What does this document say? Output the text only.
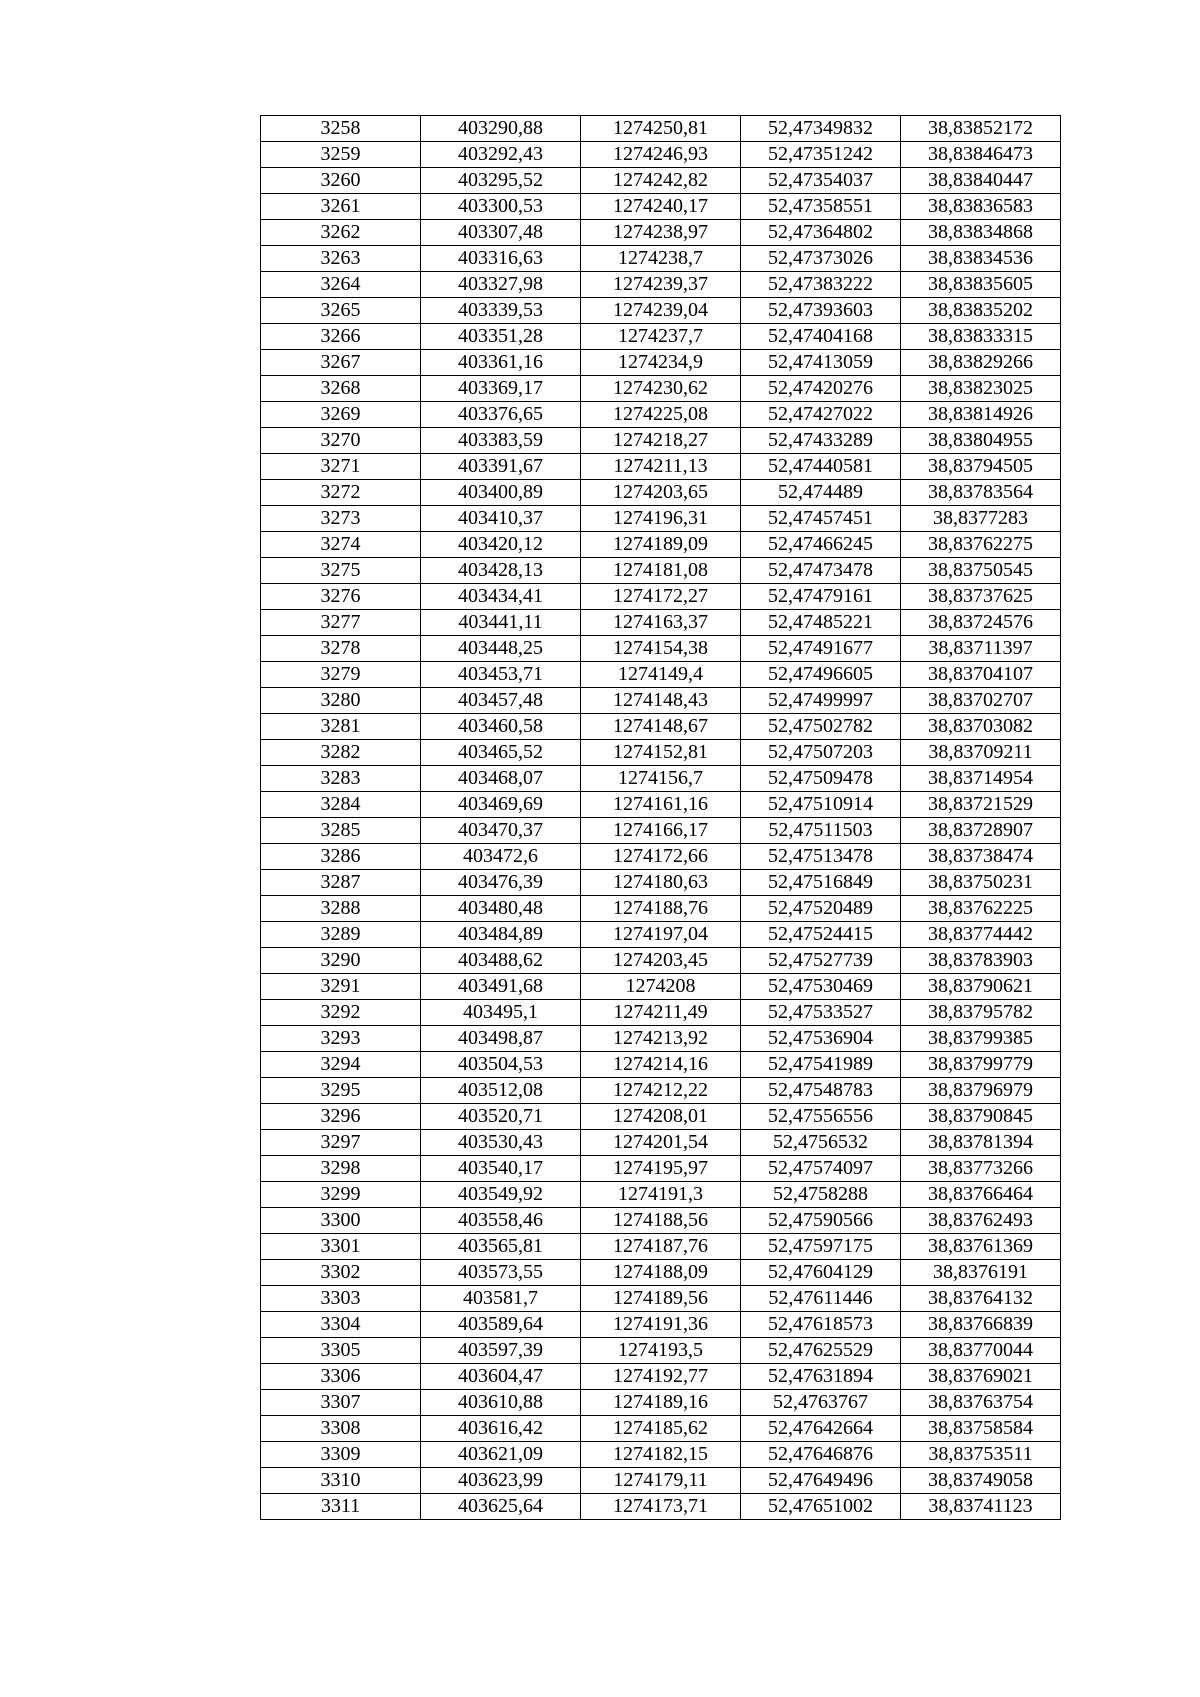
3258	403290,88	1274250,81	52,47349832	38,83852172
3259	403292,43	1274246,93	52,47351242	38,83846473
3260	403295,52	1274242,82	52,47354037	38,83840447
3261	403300,53	1274240,17	52,47358551	38,83836583
3262	403307,48	1274238,97	52,47364802	38,83834868
3263	403316,63	1274238,7	52,47373026	38,83834536
3264	403327,98	1274239,37	52,47383222	38,83835605
3265	403339,53	1274239,04	52,47393603	38,83835202
3266	403351,28	1274237,7	52,47404168	38,83833315
3267	403361,16	1274234,9	52,47413059	38,83829266
3268	403369,17	1274230,62	52,47420276	38,83823025
3269	403376,65	1274225,08	52,47427022	38,83814926
3270	403383,59	1274218,27	52,47433289	38,83804955
3271	403391,67	1274211,13	52,47440581	38,83794505
3272	403400,89	1274203,65	52,474489	38,83783564
3273	403410,37	1274196,31	52,47457451	38,8377283
3274	403420,12	1274189,09	52,47466245	38,83762275
3275	403428,13	1274181,08	52,47473478	38,83750545
3276	403434,41	1274172,27	52,47479161	38,83737625
3277	403441,11	1274163,37	52,47485221	38,83724576
3278	403448,25	1274154,38	52,47491677	38,83711397
3279	403453,71	1274149,4	52,47496605	38,83704107
3280	403457,48	1274148,43	52,47499997	38,83702707
3281	403460,58	1274148,67	52,47502782	38,83703082
3282	403465,52	1274152,81	52,47507203	38,83709211
3283	403468,07	1274156,7	52,47509478	38,83714954
3284	403469,69	1274161,16	52,47510914	38,83721529
3285	403470,37	1274166,17	52,47511503	38,83728907
3286	403472,6	1274172,66	52,47513478	38,83738474
3287	403476,39	1274180,63	52,47516849	38,83750231
3288	403480,48	1274188,76	52,47520489	38,83762225
3289	403484,89	1274197,04	52,47524415	38,83774442
3290	403488,62	1274203,45	52,47527739	38,83783903
3291	403491,68	1274208	52,47530469	38,83790621
3292	403495,1	1274211,49	52,47533527	38,83795782
3293	403498,87	1274213,92	52,47536904	38,83799385
3294	403504,53	1274214,16	52,47541989	38,83799779
3295	403512,08	1274212,22	52,47548783	38,83796979
3296	403520,71	1274208,01	52,47556556	38,83790845
3297	403530,43	1274201,54	52,4756532	38,83781394
3298	403540,17	1274195,97	52,47574097	38,83773266
3299	403549,92	1274191,3	52,4758288	38,83766464
3300	403558,46	1274188,56	52,47590566	38,83762493
3301	403565,81	1274187,76	52,47597175	38,83761369
3302	403573,55	1274188,09	52,47604129	38,8376191
3303	403581,7	1274189,56	52,47611446	38,83764132
3304	403589,64	1274191,36	52,47618573	38,83766839
3305	403597,39	1274193,5	52,47625529	38,83770044
3306	403604,47	1274192,77	52,47631894	38,83769021
3307	403610,88	1274189,16	52,4763767	38,83763754
3308	403616,42	1274185,62	52,47642664	38,83758584
3309	403621,09	1274182,15	52,47646876	38,83753511
3310	403623,99	1274179,11	52,47649496	38,83749058
3311	403625,64	1274173,71	52,47651002	38,83741123
